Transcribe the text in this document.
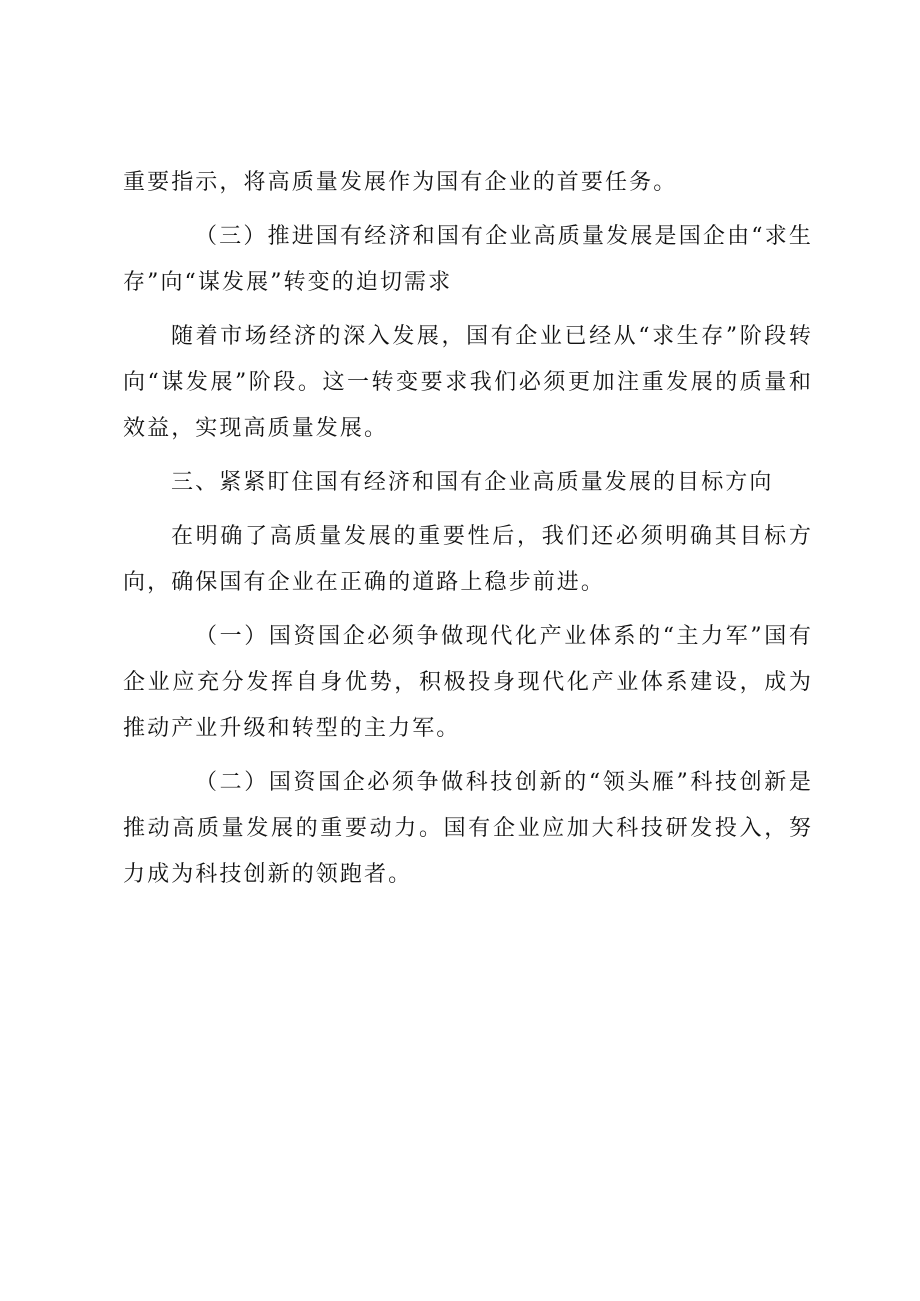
重要指示，将高质量发展作为国有企业的首要任务。

（三）推进国有经济和国有企业高质量发展是国企由“求生存”向“谋发展”转变的迫切需求

随着市场经济的深入发展，国有企业已经从“求生存”阶段转向“谋发展”阶段。这一转变要求我们必须更加注重发展的质量和效益，实现高质量发展。

三、紧紧盯住国有经济和国有企业高质量发展的目标方向

在明确了高质量发展的重要性后，我们还必须明确其目标方向，确保国有企业在正确的道路上稳步前进。

（一）国资国企必须争做现代化产业体系的“主力军”国有企业应充分发挥自身优势，积极投身现代化产业体系建设，成为推动产业升级和转型的主力军。

（二）国资国企必须争做科技创新的“领头雁”科技创新是推动高质量发展的重要动力。国有企业应加大科技研发投入，努力成为科技创新的领跑者。
